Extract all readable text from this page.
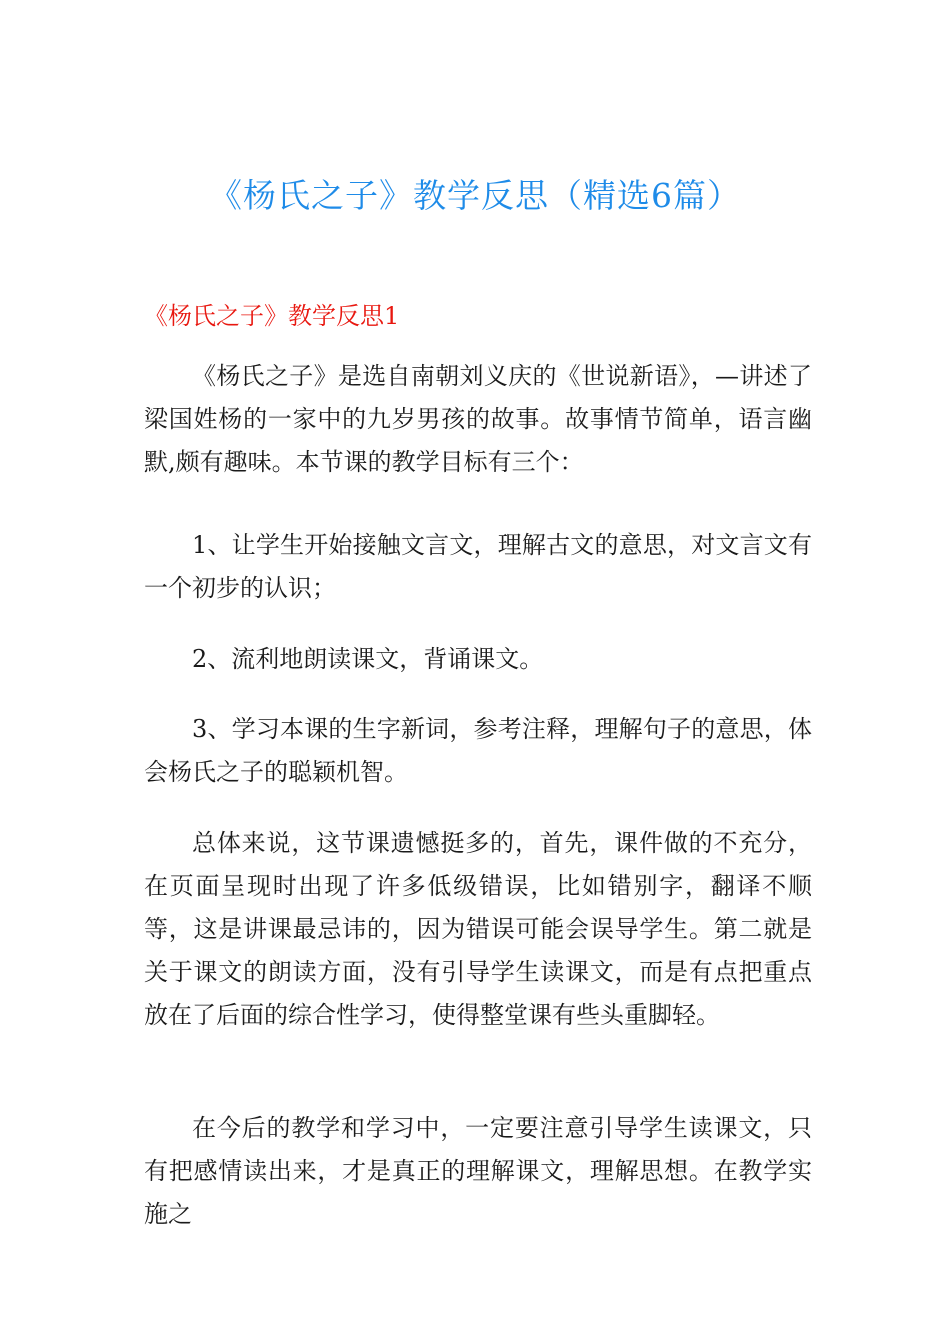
《杨氏之子》教学反思（精选6篇）
《杨氏之子》教学反思1

《杨氏之子》是选自南朝刘义庆的《世说新语》，—讲述了梁国姓杨的一家中的九岁男孩的故事。故事情节简单，语言幽默,颇有趣味。本节课的教学目标有三个：

1、让学生开始接触文言文，理解古文的意思，对文言文有一个初步的认识；

2、流利地朗读课文，背诵课文。

3、学习本课的生字新词，参考注释，理解句子的意思，体会杨氏之子的聪颖机智。

总体来说，这节课遗憾挺多的，首先，课件做的不充分，在页面呈现时出现了许多低级错误，比如错别字，翻译不顺等，这是讲课最忌讳的，因为错误可能会误导学生。第二就是关于课文的朗读方面，没有引导学生读课文，而是有点把重点放在了后面的综合性学习，使得整堂课有些头重脚轻。

在今后的教学和学习中，一定要注意引导学生读课文，只有把感情读出来，才是真正的理解课文，理解思想。在教学实施之
